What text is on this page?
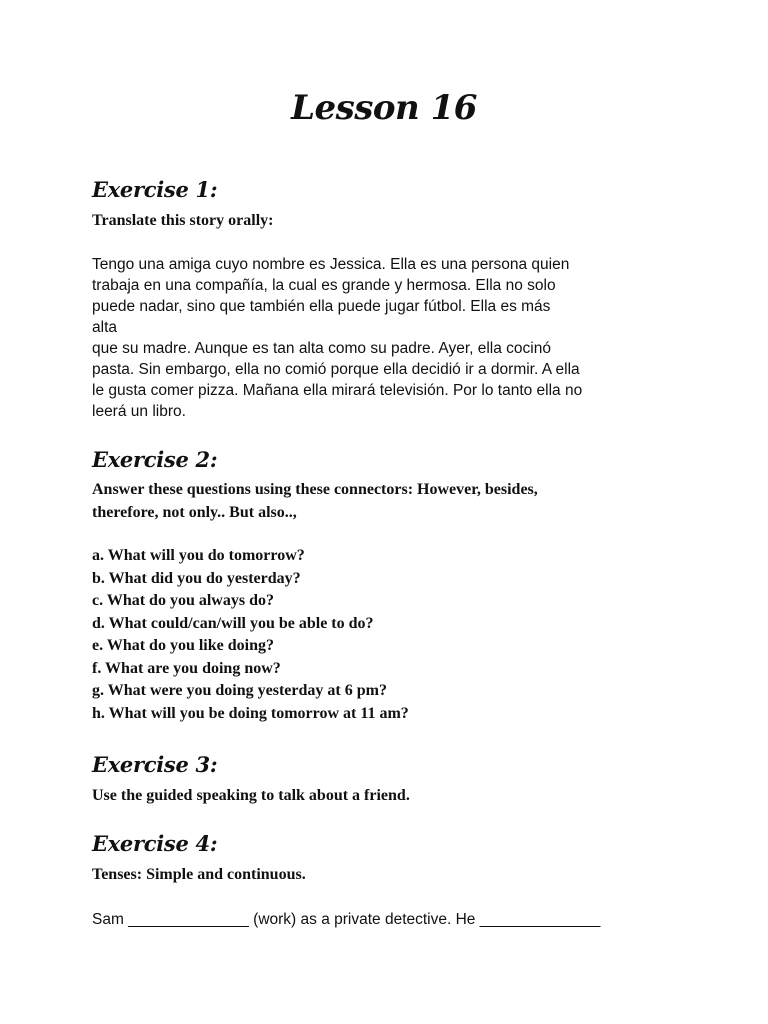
Lesson 16
Exercise 1:

Translate this story orally:

Tengo una amiga cuyo nombre es Jessica. Ella es una persona quien
trabaja en una compañía, la cual es grande y hermosa. Ella no solo
puede nadar, sino que también ella puede jugar fútbol. Ella es más
alta
que su madre. Aunque es tan alta como su padre. Ayer, ella cocinó
pasta. Sin embargo, ella no comió porque ella decidió ir a dormir. A ella
le gusta comer pizza. Mañana ella mirará televisión. Por lo tanto ella no
leerá un libro.
Exercise 2:
Answer these questions using these connectors: However, besides,
therefore, not only.. But also..,
a. What will you do tomorrow?
b. What did you do yesterday?
c. What do you always do?
d. What could/can/will you be able to do?
e. What do you like doing?
f. What are you doing now?
g. What were you doing yesterday at 6 pm?
h. What will you be doing tomorrow at 11 am?
Exercise 3:

Use the guided speaking to talk about a friend.

Exercise 4:

Tenses: Simple and continuous.

Sam ______________ (work) as a private detective. He ______________
